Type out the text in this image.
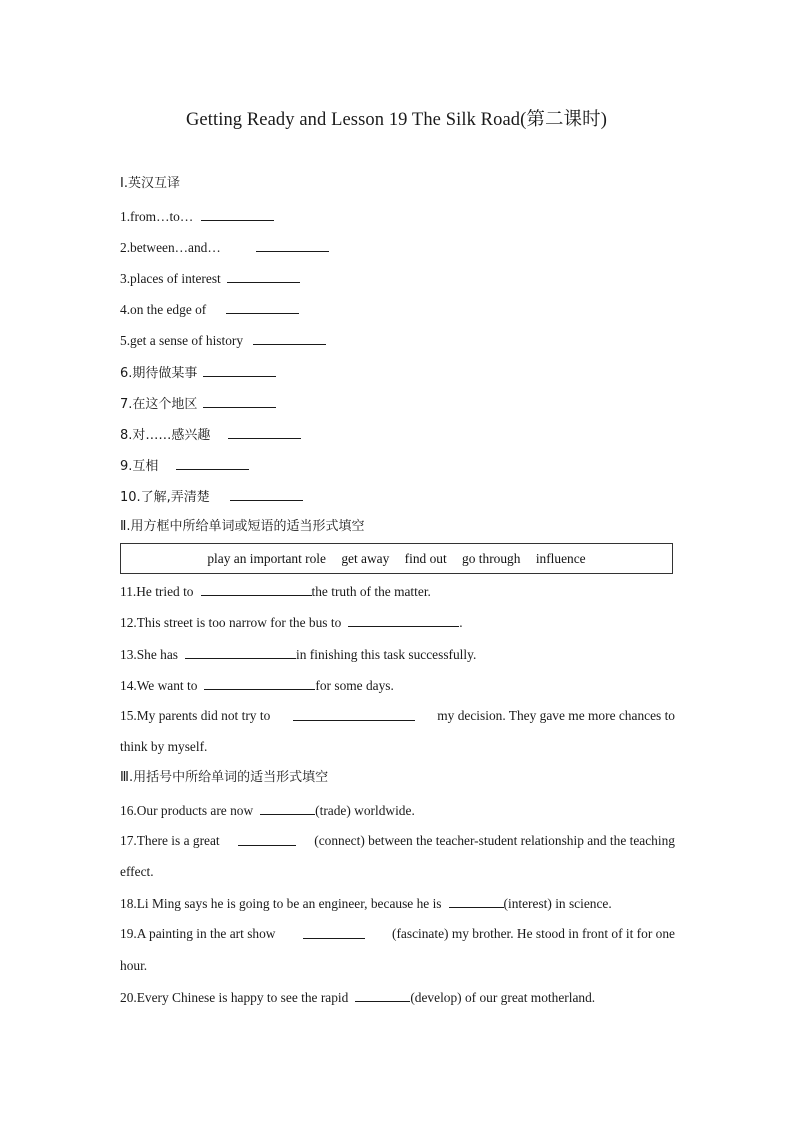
Getting Ready and Lesson 19 The Silk Road(第二课时)
Ⅰ.英汉互译
1.from…to…
2.between…and…
3.places of interest
4.on the edge of
5.get a sense of history
6.期待做某事
7.在这个地区
8.对……感兴趣
9.互相
10.了解,弄清楚
Ⅱ.用方框中所给单词或短语的适当形式填空
play an important role get away find out go through influence
11.He tried to	the truth of the matter.
12.This street is too narrow for the bus to	.
13.She has	in finishing this task successfully.
14.We want to	for some days.
15.My parents did not try to	my decision. They gave me more chances to
think by myself.
Ⅲ.用括号中所给单词的适当形式填空
16.Our products are now	(trade) worldwide.
17.There is a great	(connect) between the teacher-student relationship and the teaching
effect.
18.Li Ming says he is going to be an engineer, because he is	(interest) in science.
19.A painting in the art show	(fascinate) my brother. He stood in front of it for one
hour.
20.Every Chinese is happy to see the rapid	(develop) of our great motherland.
